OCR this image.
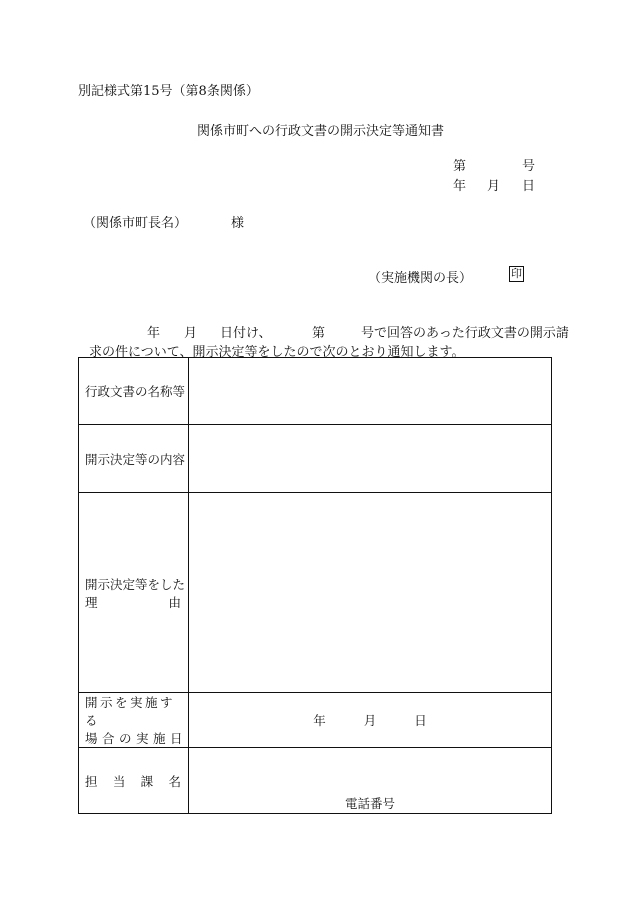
別記様式第15号（第8条関係）
関係市町への行政文書の開示決定等通知書
第	号
年 月 日
（関係市町長名）	様
（実施機関の長）	印
年 月 日付け、	第	号で回答のあった行政文書の開示請
求の件について、開示決定等をしたので次のとおり通知します。
行政文書の名称等	
開示決定等の内容	

開示決定等をした
理 由	

開示を実施する
場合の実施日	年 月 日

担 当 課 名	電話番号
